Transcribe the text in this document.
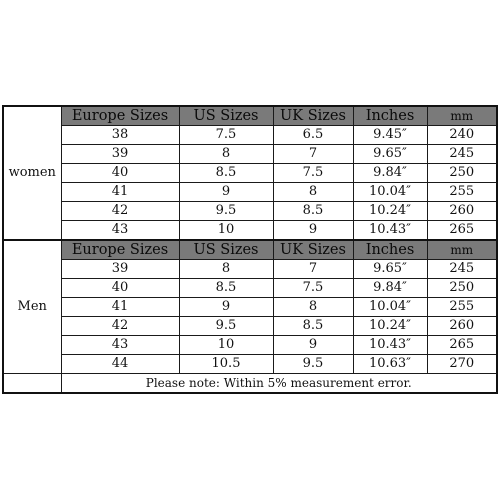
women	Europe Sizes	US Sizes	UK Sizes	Inches	mm
	38	7.5	6.5	9.45″	240
	39	8	7	9.65″	245
	40	8.5	7.5	9.84″	250
	41	9	8	10.04″	255
	42	9.5	8.5	10.24″	260
	43	10	9	10.43″	265
Men	Europe Sizes	US Sizes	UK Sizes	Inches	mm
	39	8	7	9.65″	245
	40	8.5	7.5	9.84″	250
	41	9	8	10.04″	255
	42	9.5	8.5	10.24″	260
	43	10	9	10.43″	265
	44	10.5	9.5	10.63″	270
	Please note: Within 5% measurement error.				
